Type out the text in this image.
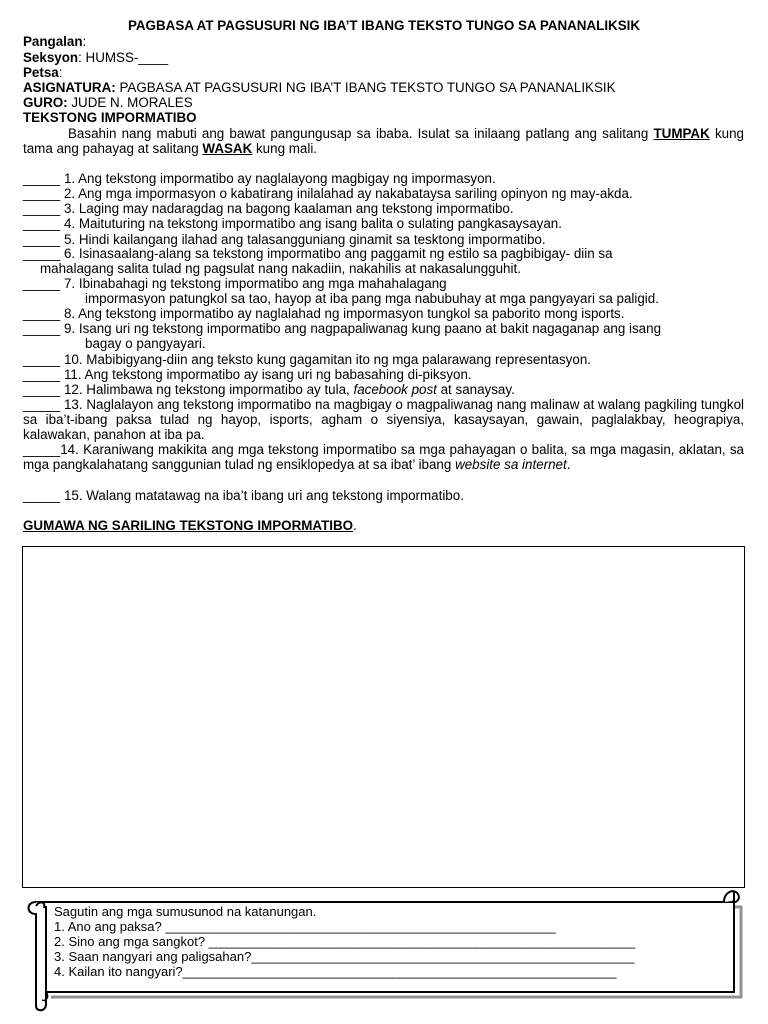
PAGBASA AT PAGSUSURI NG IBA’T IBANG TEKSTO TUNGO SA PANANALIKSIK
Pangalan:
Seksyon: HUMSS-____
Petsa:
ASIGNATURA: PAGBASA AT PAGSUSURI NG IBA’T IBANG TEKSTO TUNGO SA PANANALIKSIK
GURO: JUDE N. MORALES
TEKSTONG IMPORMATIBO
Basahin nang mabuti ang bawat pangungusap sa ibaba. Isulat sa inilaang patlang ang salitang TUMPAK kung tama ang pahayag at salitang WASAK kung mali.
_____ 1. Ang tekstong impormatibo ay naglalayong magbigay ng impormasyon.
_____ 2. Ang mga impormasyon o kabatirang inilalahad ay nakabataysa sariling opinyon ng may-akda.
_____ 3. Laging may nadaragdag na bagong kaalaman ang tekstong impormatibo.
_____ 4. Maituturing na tekstong impormatibo ang isang balita o sulating pangkasaysayan.
_____ 5. Hindi kailangang ilahad ang talasangguniang ginamit sa tesktong impormatibo.
_____ 6. Isinasaalang-alang sa tekstong impormatibo ang paggamit ng estilo sa pagbibigay- diin sa
mahalagang salita tulad ng pagsulat nang nakadiin, nakahilis at nakasalungguhit.
_____ 7. Ibinabahagi ng tekstong impormatibo ang mga mahahalagang
impormasyon patungkol sa tao, hayop at iba pang mga nabubuhay at mga pangyayari sa paligid.
_____ 8. Ang tekstong impormatibo ay naglalahad ng impormasyon tungkol sa paborito mong isports.
_____ 9. Isang uri ng tekstong impormatibo ang nagpapaliwanag kung paano at bakit nagaganap ang isang
bagay o pangyayari.
_____ 10. Mabibigyang-diin ang teksto kung gagamitan ito ng mga palarawang representasyon.
_____ 11. Ang tekstong impormatibo ay isang uri ng babasahing di-piksyon.
_____ 12. Halimbawa ng tekstong impormatibo ay tula, facebook post at sanaysay.
_____ 13. Naglalayon ang tekstong impormatibo na magbigay o magpaliwanag nang malinaw at walang pagkiling tungkol sa iba’t-ibang paksa tulad ng hayop, isports, agham o siyensiya, kasaysayan, gawain, paglalakbay, heograpiya, kalawakan, panahon at iba pa.
_____14. Karaniwang makikita ang mga tekstong impormatibo sa mga pahayagan o balita, sa mga magasin, aklatan, sa mga pangkalahatang sanggunian tulad ng ensiklopedya at sa ibat’ ibang website sa internet.
_____ 15. Walang matatawag na iba’t ibang uri ang tekstong impormatibo.
GUMAWA NG SARILING TEKSTONG IMPORMATIBO.
Sagutin ang mga sumusunod na katanungan.
1. Ano ang paksa? ______________________________________________________
2. Sino ang mga sangkot? ___________________________________________________________
3. Saan nangyari ang paligsahan?_____________________________________________________
4. Kailan ito nangyari?____________________________________________________________
